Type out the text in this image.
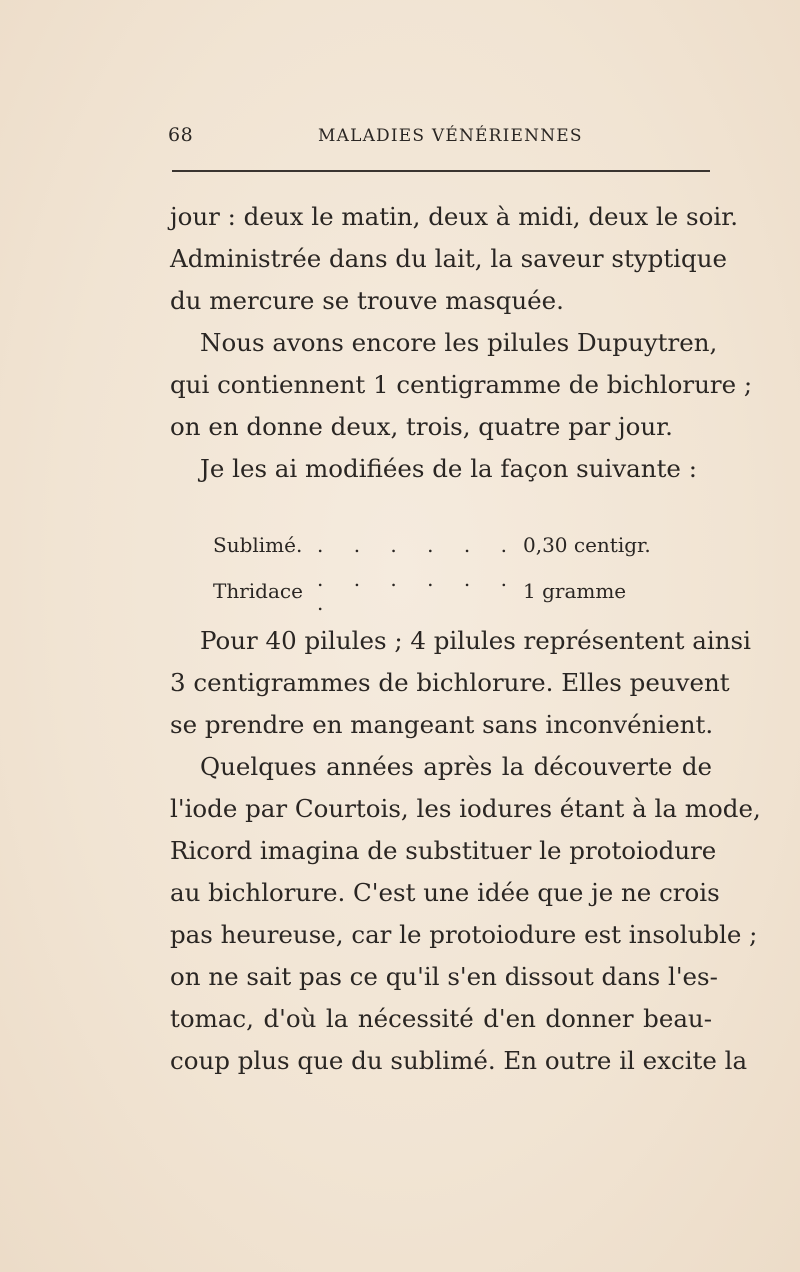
68	MALADIES VÉNÉRIENNES
jour : deux le matin, deux à midi, deux le soir.
Administrée dans du lait, la saveur styptique
du mercure se trouve masquée.
Nous avons encore les pilules Dupuytren,
qui contiennent 1 centigramme de bichlorure ;
on en donne deux, trois, quatre par jour.
Je les ai modifiées de la façon suivante :
Sublimé. . . . . . . 0,30 centigr.
Thridace . . . . . . .	1 gramme
Pour 40 pilules ; 4 pilules représentent ainsi
3 centigrammes de bichlorure. Elles peuvent
se prendre en mangeant sans inconvénient.
Quelques années après la découverte de
l'iode par Courtois, les iodures étant à la mode,
Ricord imagina de substituer le protoiodure
au bichlorure. C'est une idée que je ne crois
pas heureuse, car le protoiodure est insoluble ;
on ne sait pas ce qu'il s'en dissout dans l'es-
tomac, d'où la nécessité d'en donner beau-
coup plus que du sublimé. En outre il excite la
